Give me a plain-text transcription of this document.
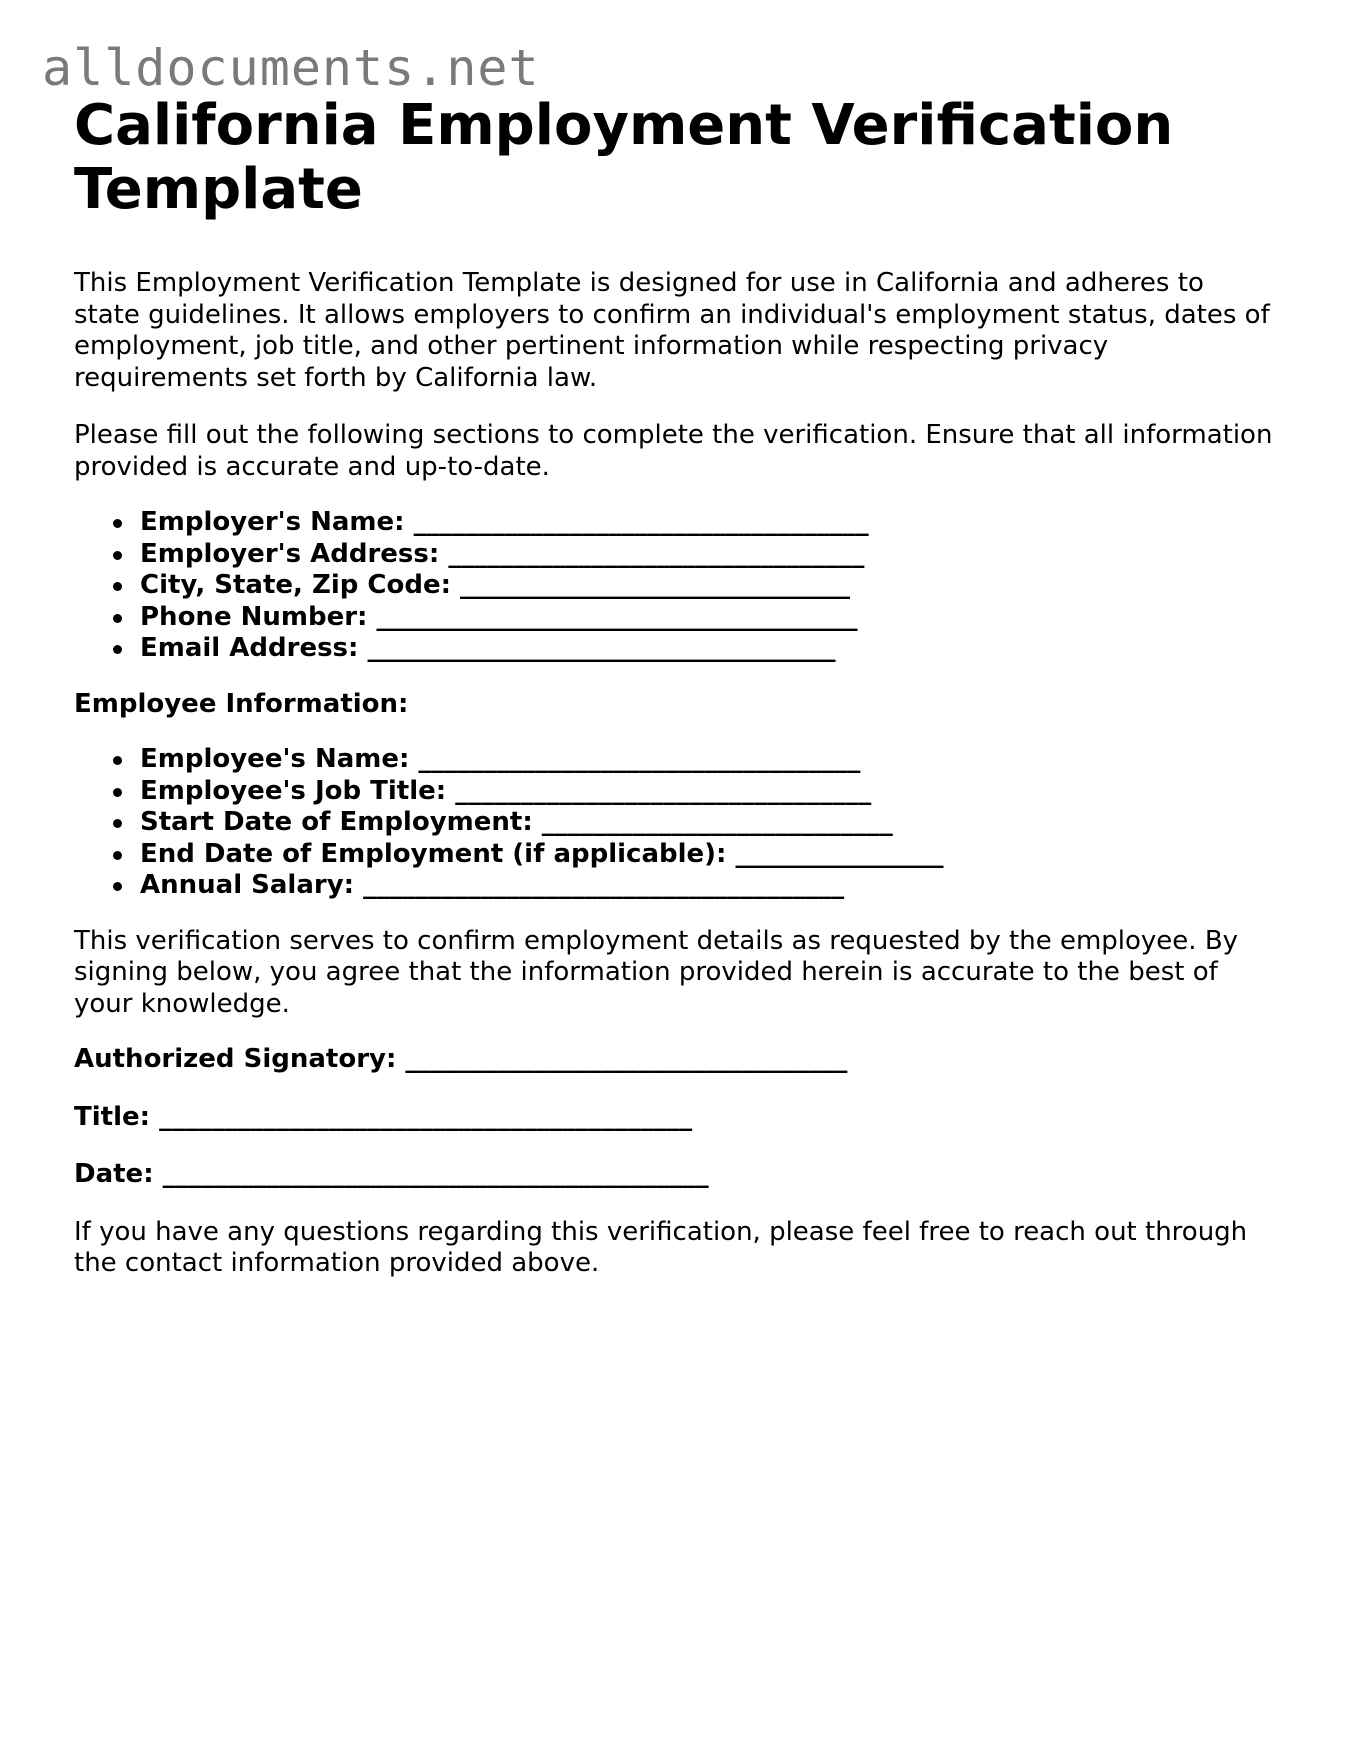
alldocuments.net
California Employment Verification Template

This Employment Verification Template is designed for use in California and adheres to state guidelines. It allows employers to confirm an individual's employment status, dates of employment, job title, and other pertinent information while respecting privacy requirements set forth by California law.

Please fill out the following sections to complete the verification. Ensure that all information provided is accurate and up-to-date.

Employer's Name: ___________________________________
Employer's Address: ________________________________
City, State, Zip Code: ______________________________
Phone Number: _____________________________________
Email Address: ____________________________________

Employee Information:

Employee's Name: __________________________________
Employee's Job Title: ________________________________
Start Date of Employment: ___________________________
End Date of Employment (if applicable): ________________
Annual Salary: _____________________________________

This verification serves to confirm employment details as requested by the employee. By signing below, you agree that the information provided herein is accurate to the best of your knowledge.

Authorized Signatory: __________________________________

Title: _________________________________________

Date: __________________________________________

If you have any questions regarding this verification, please feel free to reach out through the contact information provided above.
